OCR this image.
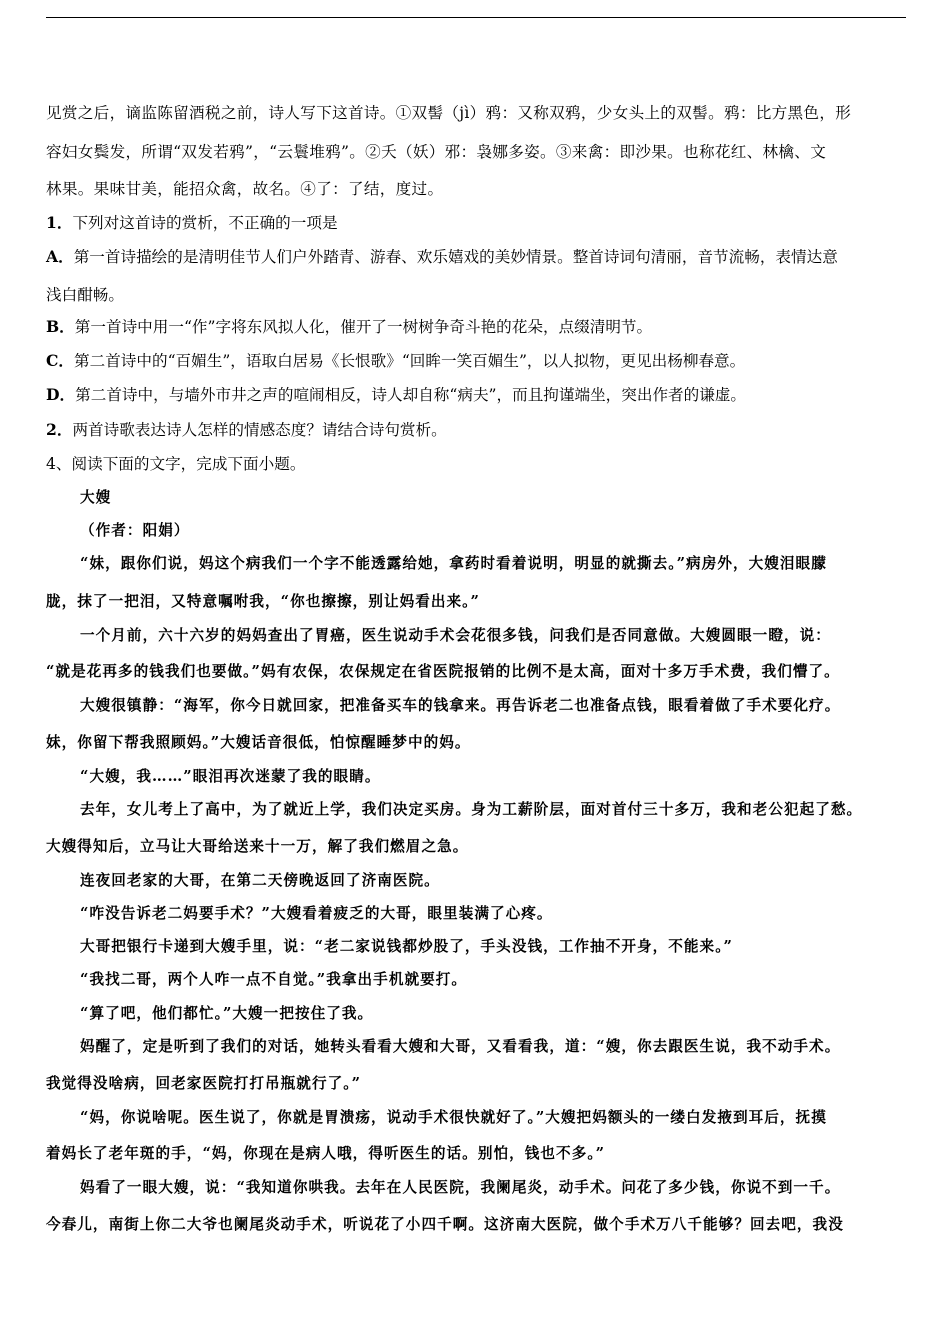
见赏之后，谪监陈留酒税之前，诗人写下这首诗。①双髻（jì）鸦：又称双鸦，少女头上的双髻。鸦：比方黑色，形
容妇女鬓发，所谓“双发若鸦”，“云鬟堆鸦”。②夭（妖）邪：袅娜多姿。③来禽：即沙果。也称花红、林檎、文
林果。果味甘美，能招众禽，故名。④了：了结，度过。
1．下列对这首诗的赏析，不正确的一项是
A．第一首诗描绘的是清明佳节人们户外踏青、游春、欢乐嬉戏的美妙情景。整首诗词句清丽，音节流畅，表情达意
浅白酣畅。
B．第一首诗中用一“作”字将东风拟人化，催开了一树树争奇斗艳的花朵，点缀清明节。
C．第二首诗中的“百媚生”，语取白居易《长恨歌》“回眸一笑百媚生”，以人拟物，更见出杨柳春意。
D．第二首诗中，与墙外市井之声的喧闹相反，诗人却自称“病夫”，而且拘谨端坐，突出作者的谦虚。
2．两首诗歌表达诗人怎样的情感态度？请结合诗句赏析。
4、阅读下面的文字，完成下面小题。
大嫂
（作者：阳娟）
“妹，跟你们说，妈这个病我们一个字不能透露给她，拿药时看着说明，明显的就撕去。”病房外，大嫂泪眼朦
胧，抹了一把泪，又特意嘱咐我，“你也擦擦，别让妈看出来。”
一个月前，六十六岁的妈妈查出了胃癌，医生说动手术会花很多钱，问我们是否同意做。大嫂圆眼一瞪，说：
“就是花再多的钱我们也要做。”妈有农保，农保规定在省医院报销的比例不是太高，面对十多万手术费，我们懵了。
大嫂很镇静：“海军，你今日就回家，把准备买车的钱拿来。再告诉老二也准备点钱，眼看着做了手术要化疗。
妹，你留下帮我照顾妈。”大嫂话音很低，怕惊醒睡梦中的妈。
“大嫂，我……”眼泪再次迷蒙了我的眼睛。
去年，女儿考上了高中，为了就近上学，我们决定买房。身为工薪阶层，面对首付三十多万，我和老公犯起了愁。
大嫂得知后，立马让大哥给送来十一万，解了我们燃眉之急。
连夜回老家的大哥，在第二天傍晚返回了济南医院。
“咋没告诉老二妈要手术？”大嫂看着疲乏的大哥，眼里装满了心疼。
大哥把银行卡递到大嫂手里，说：“老二家说钱都炒股了，手头没钱，工作抽不开身，不能来。”
“我找二哥，两个人咋一点不自觉。”我拿出手机就要打。
“算了吧，他们都忙。”大嫂一把按住了我。
妈醒了，定是听到了我们的对话，她转头看看大嫂和大哥，又看看我，道：“嫂，你去跟医生说，我不动手术。
我觉得没啥病，回老家医院打打吊瓶就行了。”
“妈，你说啥呢。医生说了，你就是胃溃疡，说动手术很快就好了。”大嫂把妈额头的一缕白发掖到耳后，抚摸
着妈长了老年斑的手，“妈，你现在是病人哦，得听医生的话。别怕，钱也不多。”
妈看了一眼大嫂，说：“我知道你哄我。去年在人民医院，我阑尾炎，动手术。问花了多少钱，你说不到一千。
今春儿，南街上你二大爷也阑尾炎动手术，听说花了小四千啊。这济南大医院，做个手术万八千能够？回去吧，我没
